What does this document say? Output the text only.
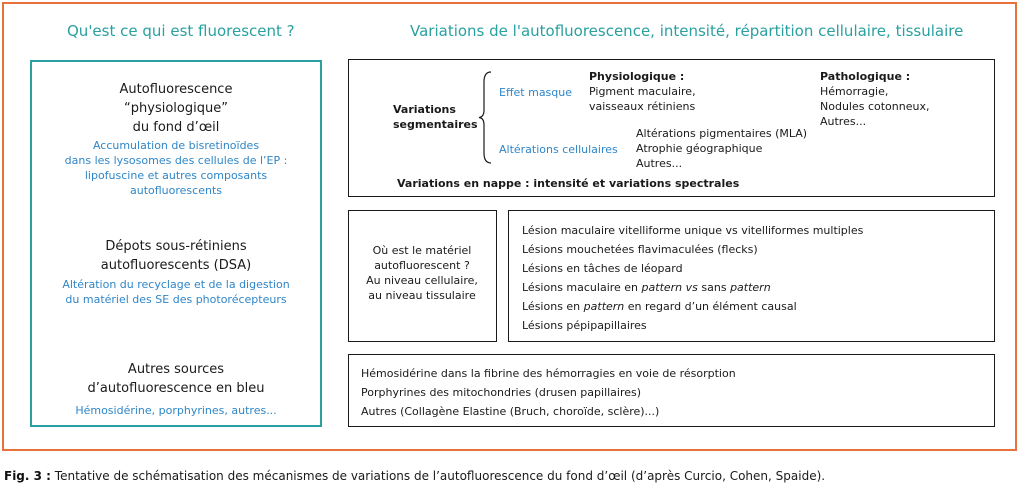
Qu'est ce qui est fluorescent ?	Variations de l'autofluorescence, intensité, répartition cellulaire, tissulaire
Autofluorescence
“physiologique”
du fond d’œil
Accumulation de bisretinoïdes
dans les lysosomes des cellules de l’EP :
lipofuscine et autres composants
autofluorescents
Dépots sous-rétiniens
autofluorescents (DSA)
Altération du recyclage et de la digestion
du matériel des SE des photorécepteurs
Autres sources
d’autofluorescence en bleu
Hémosidérine, porphyrines, autres...
Variations
segmentaires
Effet masque
Physiologique :
Pigment maculaire,
vaisseaux rétiniens
Pathologique :
Hémorragie,
Nodules cotonneux,
Autres...
Altérations cellulaires
Altérations pigmentaires (MLA)
Atrophie géographique
Autres...
Variations en nappe : intensité et variations spectrales
Où est le matériel
autofluorescent ?
Au niveau cellulaire,
au niveau tissulaire
Lésion maculaire vitelliforme unique vs vitelliformes multiples
Lésions mouchetées flavimaculées (flecks)
Lésions en tâches de léopard
Lésions maculaire en pattern vs sans pattern
Lésions en pattern en regard d’un élément causal
Lésions pépipapillaires
Hémosidérine dans la fibrine des hémorragies en voie de résorption
Porphyrines des mitochondries (drusen papillaires)
Autres (Collagène Elastine (Bruch, choroïde, sclère)...)
Fig. 3 : Tentative de schématisation des mécanismes de variations de l’autofluorescence du fond d’œil (d’après Curcio, Cohen, Spaide).
